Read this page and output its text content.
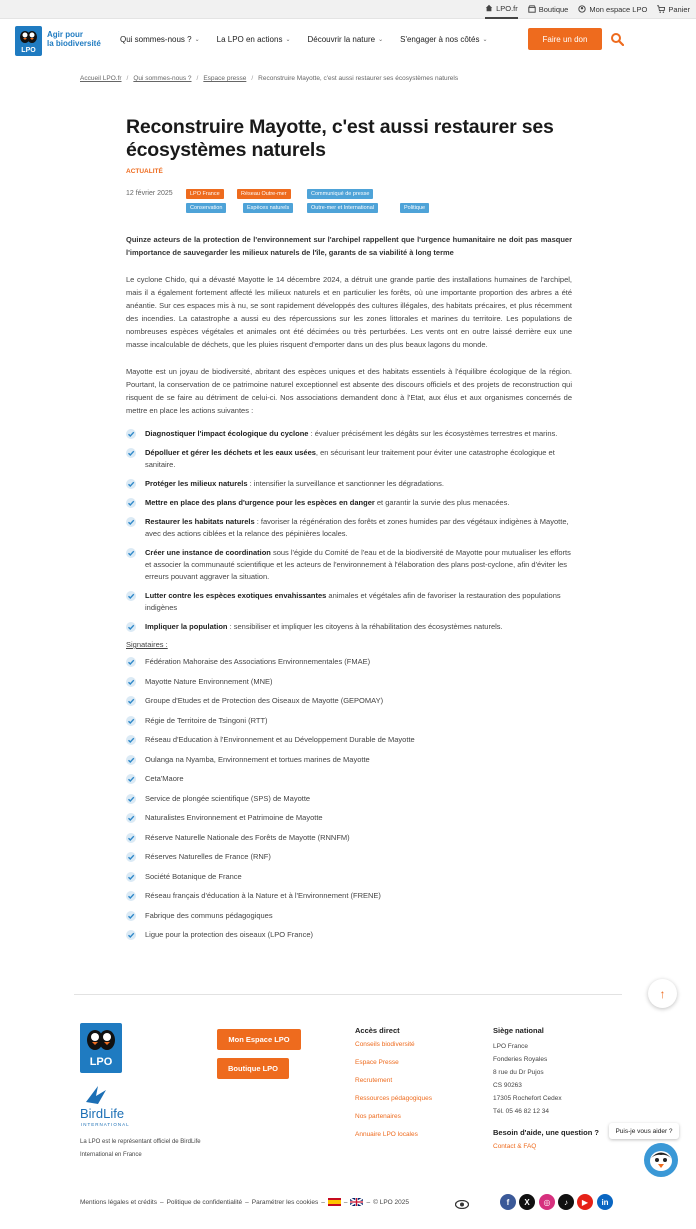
LPO.fr	Boutique	Mon espace LPO	Panier
LPO
Agir pour
la biodiversité Qui sommes-nous ? ⌄ La LPO en actions ⌄ Découvrir la nature ⌄ S'engager à nos côtés ⌄	Faire un don
Accueil LPO.fr / Qui sommes-nous ? / Espace presse / Reconstruire Mayotte, c'est aussi restaurer ses écosystèmes naturels
Reconstruire Mayotte, c'est aussi restaurer ses écosystèmes naturels
ACTUALITÉ
12 février 2025	LPO France	Réseau Outre-mer	Communiqué de presse
Conservation	Espèces naturels	Outre-mer et International	Politique

Quinze acteurs de la protection de l'environnement sur l'archipel rappellent que l'urgence humanitaire ne doit pas masquer l'importance de sauvegarder les milieux naturels de l'île, garants de sa viabilité à long terme

Le cyclone Chido, qui a dévasté Mayotte le 14 décembre 2024, a détruit une grande partie des installations humaines de l'archipel, mais il a également fortement affecté les milieux naturels et en particulier les forêts, où une importante proportion des arbres a été anéantie. Sur ces espaces mis à nu, se sont rapidement développés des cultures illégales, des habitats précaires, et plus récemment des incendies. La catastrophe a aussi eu des répercussions sur les zones littorales et marines du territoire. Les populations de nombreuses espèces végétales et animales ont été décimées ou très perturbées. Les vents ont en outre laissé derrière eux une masse incalculable de déchets, que les pluies risquent d'emporter dans un des plus beaux lagons du monde.

Mayotte est un joyau de biodiversité, abritant des espèces uniques et des habitats essentiels à l'équilibre écologique de la région. Pourtant, la conservation de ce patrimoine naturel exceptionnel est absente des discours officiels et des projets de reconstruction qui risquent de se faire au détriment de celui-ci. Nos associations demandent donc à l'Etat, aux élus et aux organismes concernés de mettre en place les actions suivantes :

Diagnostiquer l'impact écologique du cyclone : évaluer précisément les dégâts sur les écosystèmes terrestres et marins.
Dépolluer et gérer les déchets et les eaux usées, en sécurisant leur traitement pour éviter une catastrophe écologique et sanitaire.
Protéger les milieux naturels : intensifier la surveillance et sanctionner les dégradations.
Mettre en place des plans d'urgence pour les espèces en danger et garantir la survie des plus menacées.
Restaurer les habitats naturels : favoriser la régénération des forêts et zones humides par des végétaux indigènes à Mayotte, avec des actions ciblées et la relance des pépinières locales.
Créer une instance de coordination sous l'égide du Comité de l'eau et de la biodiversité de Mayotte pour mutualiser les efforts et associer la communauté scientifique et les acteurs de l'environnement à l'élaboration des plans post-cyclone, afin d'éviter les erreurs pouvant aggraver la situation.
Lutter contre les espèces exotiques envahissantes animales et végétales afin de favoriser la restauration des populations indigènes
Impliquer la population : sensibiliser et impliquer les citoyens à la réhabilitation des écosystèmes naturels.
Signataires :
Fédération Mahoraise des Associations Environnementales (FMAE)
Mayotte Nature Environnement (MNE)
Groupe d'Etudes et de Protection des Oiseaux de Mayotte (GEPOMAY)
Régie de Territoire de Tsingoni (RTT)
Réseau d'Education à l'Environnement et au Développement Durable de Mayotte
Oulanga na Nyamba, Environnement et tortues marines de Mayotte
Ceta'Maore
Service de plongée scientifique (SPS) de Mayotte
Naturalistes Environnement et Patrimoine de Mayotte
Réserve Naturelle Nationale des Forêts de Mayotte (RNNFM)
Réserves Naturelles de France (RNF)
Société Botanique de France
Réseau français d'éducation à la Nature et à l'Environnement (FRENE)
Fabrique des communs pédagogiques
Ligue pour la protection des oiseaux (LPO France)
↑
LPO
BirdLife
INTERNATIONAL
La LPO est le représentant officiel de BirdLife International en France
Mon Espace LPO
Boutique LPO
Accès direct
Conseils biodiversité
Espace Presse
Recrutement
Ressources pédagogiques
Nos partenaires
Annuaire LPO locales
Siège national
LPO France
Fonderies Royales
8 rue du Dr Pujos
CS 90263
17305 Rochefort Cedex
Tél. 05 46 82 12 34
Besoin d'aide, une question ?
Contact & FAQ
Puis-je vous aider ?
Mentions légales et crédits – Politique de confidentialité – Paramétrer les cookies –	–	– © LPO 2025	f X ◎ ♪ ▶ in
